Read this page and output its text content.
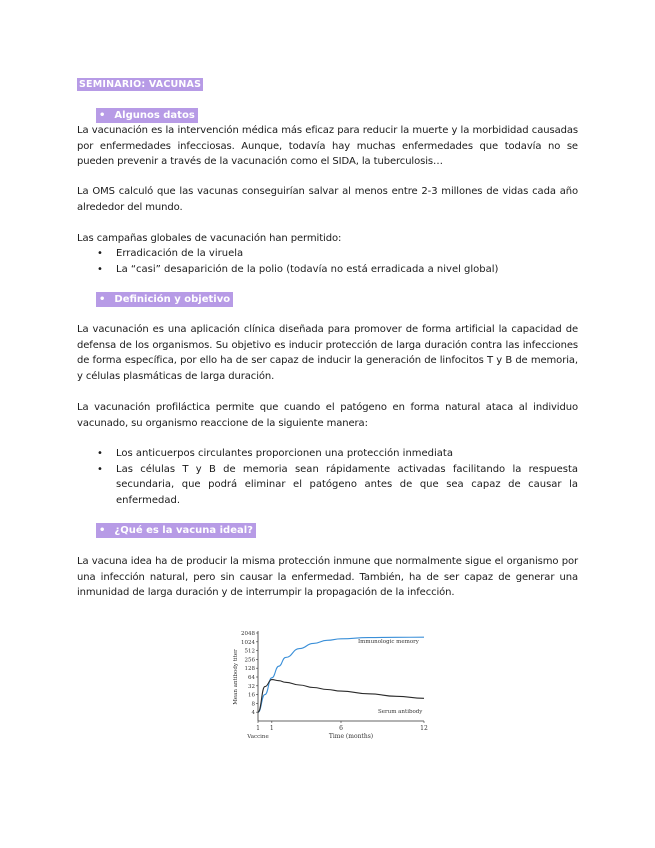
SEMINARIO: VACUNAS
• Algunos datos
La vacunación es la intervención médica más eficaz para reducir la muerte y la morbididad causadas por enfermedades infecciosas. Aunque, todavía hay muchas enfermedades que todavía no se pueden prevenir a través de la vacunación como el SIDA, la tuberculosis…
La OMS calculó que las vacunas conseguirían salvar al menos entre 2-3 millones de vidas cada año alrededor del mundo.
Las campañas globales de vacunación han permitido:
• Erradicación de la viruela
• La “casi” desaparición de la polio (todavía no está erradicada a nivel global)
• Definición y objetivo
La vacunación es una aplicación clínica diseñada para promover de forma artificial la capacidad de defensa de los organismos. Su objetivo es inducir protección de larga duración contra las infecciones de forma específica, por ello ha de ser capaz de inducir la generación de linfocitos T y B de memoria, y células plasmáticas de larga duración.
La vacunación profiláctica permite que cuando el patógeno en forma natural ataca al individuo vacunado, su organismo reaccione de la siguiente manera:
• Los anticuerpos circulantes proporcionen una protección inmediata
• Las células T y B de memoria sean rápidamente activadas facilitando la respuesta secundaria, que podrá eliminar el patógeno antes de que sea capaz de causar la enfermedad.
• ¿Qué es la vacuna ideal?
La vacuna idea ha de producir la misma protección inmune que normalmente sigue el organismo por una infección natural, pero sin causar la enfermedad. También, ha de ser capaz de generar una inmunidad de larga duración y de interrumpir la propagación de la infección.
2048
1024
512
256
128
64
32
16
8
4
1 1	6	12
Vaccine	Time (months)
Mean antibody titer
Immunologic memory
Serum antibody
